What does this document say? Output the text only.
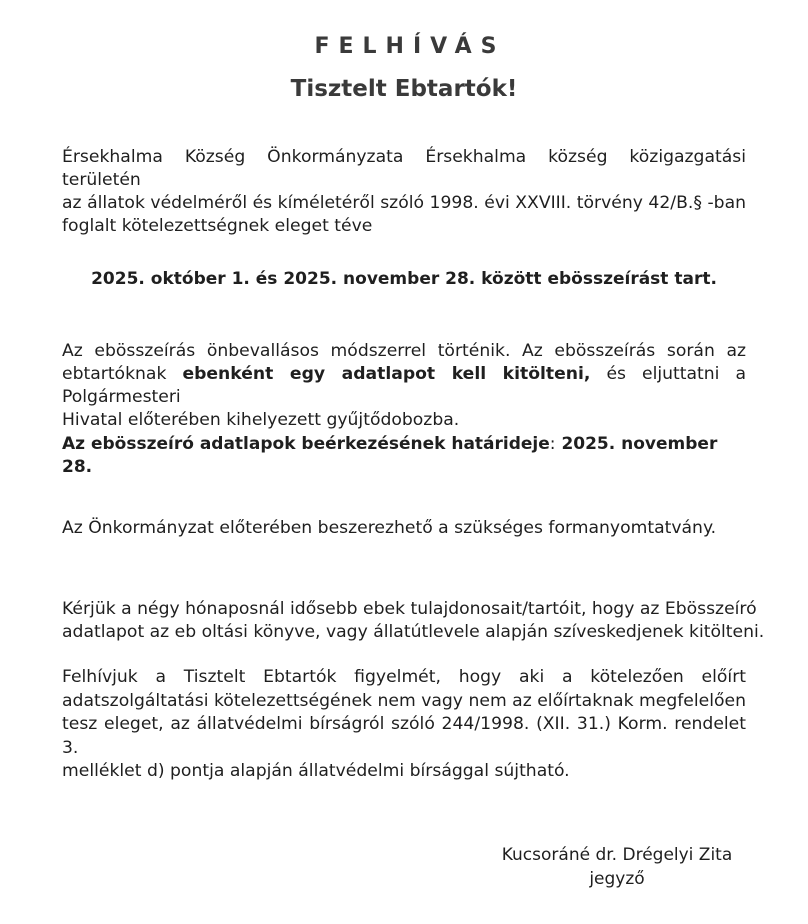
FELHÍVÁS
Tisztelt Ebtartók!
Érsekhalma Község Önkormányzata Érsekhalma község közigazgatási területén
az állatok védelméről és kíméletéről szóló 1998. évi XXVIII. törvény 42/B.§ -ban
foglalt kötelezettségnek eleget téve
2025. október 1. és 2025. november 28. között ebösszeírást tart.
Az ebösszeírás önbevallásos módszerrel történik. Az ebösszeírás során az
ebtartóknak ebenként egy adatlapot kell kitölteni, és eljuttatni a Polgármesteri
Hivatal előterében kihelyezett gyűjtődobozba.
Az ebösszeíró adatlapok beérkezésének határideje: 2025. november 28.
Az Önkormányzat előterében beszerezhető a szükséges formanyomtatvány.
Kérjük a négy hónaposnál idősebb ebek tulajdonosait/tartóit, hogy az Ebösszeíró
adatlapot az eb oltási könyve, vagy állatútlevele alapján szíveskedjenek kitölteni.
Felhívjuk a Tisztelt Ebtartók figyelmét, hogy aki a kötelezően előírt
adatszolgáltatási kötelezettségének nem vagy nem az előírtaknak megfelelően
tesz eleget, az állatvédelmi bírságról szóló 244/1998. (XII. 31.) Korm. rendelet 3.
melléklet d) pontja alapján állatvédelmi bírsággal sújtható.
Kucsoráné dr. Drégelyi Zita
jegyző
